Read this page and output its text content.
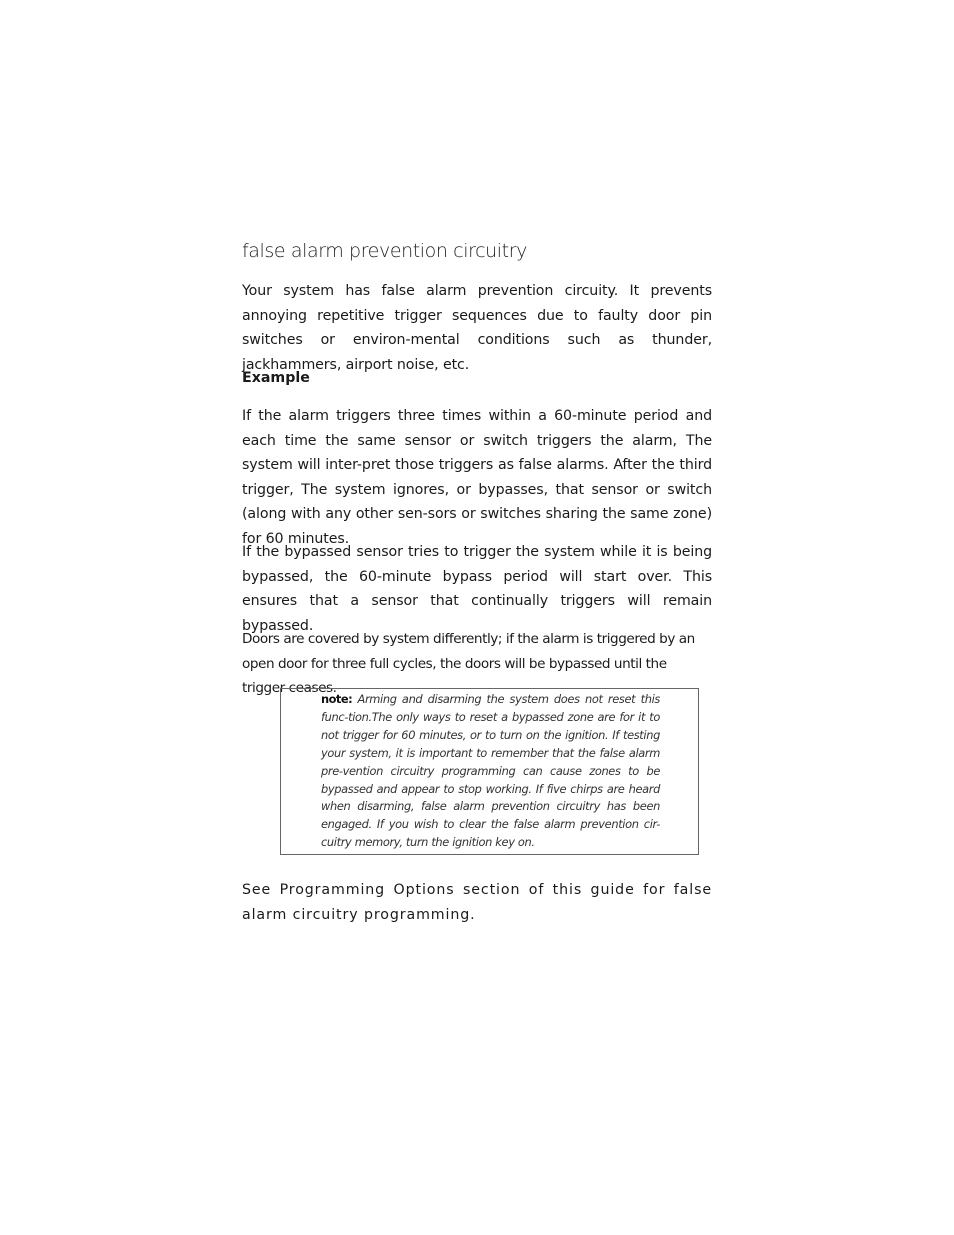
false alarm prevention circuitry

Your system has false alarm prevention circuity. It prevents annoying repetitive trigger sequences due to faulty door pin switches or environ-mental conditions such as thunder, jackhammers, airport noise, etc.

Example

If the alarm triggers three times within a 60-minute period and each time the same sensor or switch triggers the alarm, The system will inter-pret those triggers as false alarms. After the third trigger, The system ignores, or bypasses, that sensor or switch (along with any other sen-sors or switches sharing the same zone) for 60 minutes.

If the bypassed sensor tries to trigger the system while it is being bypassed, the 60-minute bypass period will start over. This ensures that a sensor that continually triggers will remain bypassed.

Doors are covered by system differently; if the alarm is triggered by an open door for three full cycles, the doors will be bypassed until the trigger ceases.

note: Arming and disarming the system does not reset this func-tion.The only ways to reset a bypassed zone are for it to not trigger for 60 minutes, or to turn on the ignition. If testing your system, it is important to remember that the false alarm pre-vention circuitry programming can cause zones to be bypassed and appear to stop working. If five chirps are heard when disarming, false alarm prevention circuitry has been engaged. If you wish to clear the false alarm prevention cir-cuitry memory, turn the ignition key on.

See Programming Options section of this guide for false alarm circuitry programming.
